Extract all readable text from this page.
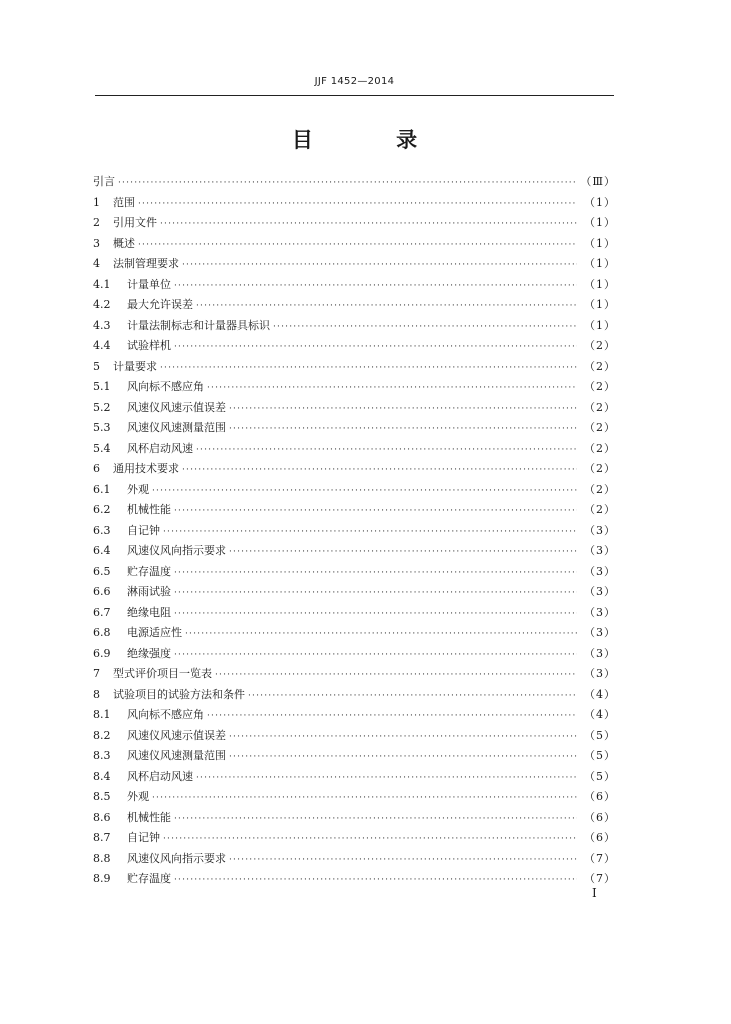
JJF 1452—2014
目 录
引言 ·····	（Ⅲ）
1	范围 ·····	（1）
2	引用文件 ·····	（1）
3	概述 ·····	（1）
4	法制管理要求 ·····	（1）
4.1	计量单位 ·····	（1）
4.2	最大允许误差 ·····	（1）
4.3	计量法制标志和计量器具标识 ·····	（1）
4.4	试验样机 ·····	（2）
5	计量要求 ·····	（2）
5.1	风向标不感应角 ·····	（2）
5.2	风速仪风速示值误差 ·····	（2）
5.3	风速仪风速测量范围 ·····	（2）
5.4	风杯启动风速 ·····	（2）
6	通用技术要求 ·····	（2）
6.1	外观 ·····	（2）
6.2	机械性能 ·····	（2）
6.3	自记钟 ·····	（3）
6.4	风速仪风向指示要求 ·····	（3）
6.5	贮存温度 ·····	（3）
6.6	淋雨试验 ·····	（3）
6.7	绝缘电阻 ·····	（3）
6.8	电源适应性 ·····	（3）
6.9	绝缘强度 ·····	（3）
7	型式评价项目一览表 ·····	（3）
8	试验项目的试验方法和条件 ·····	（4）
8.1	风向标不感应角 ·····	（4）
8.2	风速仪风速示值误差 ·····	（5）
8.3	风速仪风速测量范围 ·····	（5）
8.4	风杯启动风速 ·····	（5）
8.5	外观 ·····	（6）
8.6	机械性能 ·····	（6）
8.7	自记钟 ·····	（6）
8.8	风速仪风向指示要求 ·····	（7）
8.9	贮存温度 ·····	（7）
I
